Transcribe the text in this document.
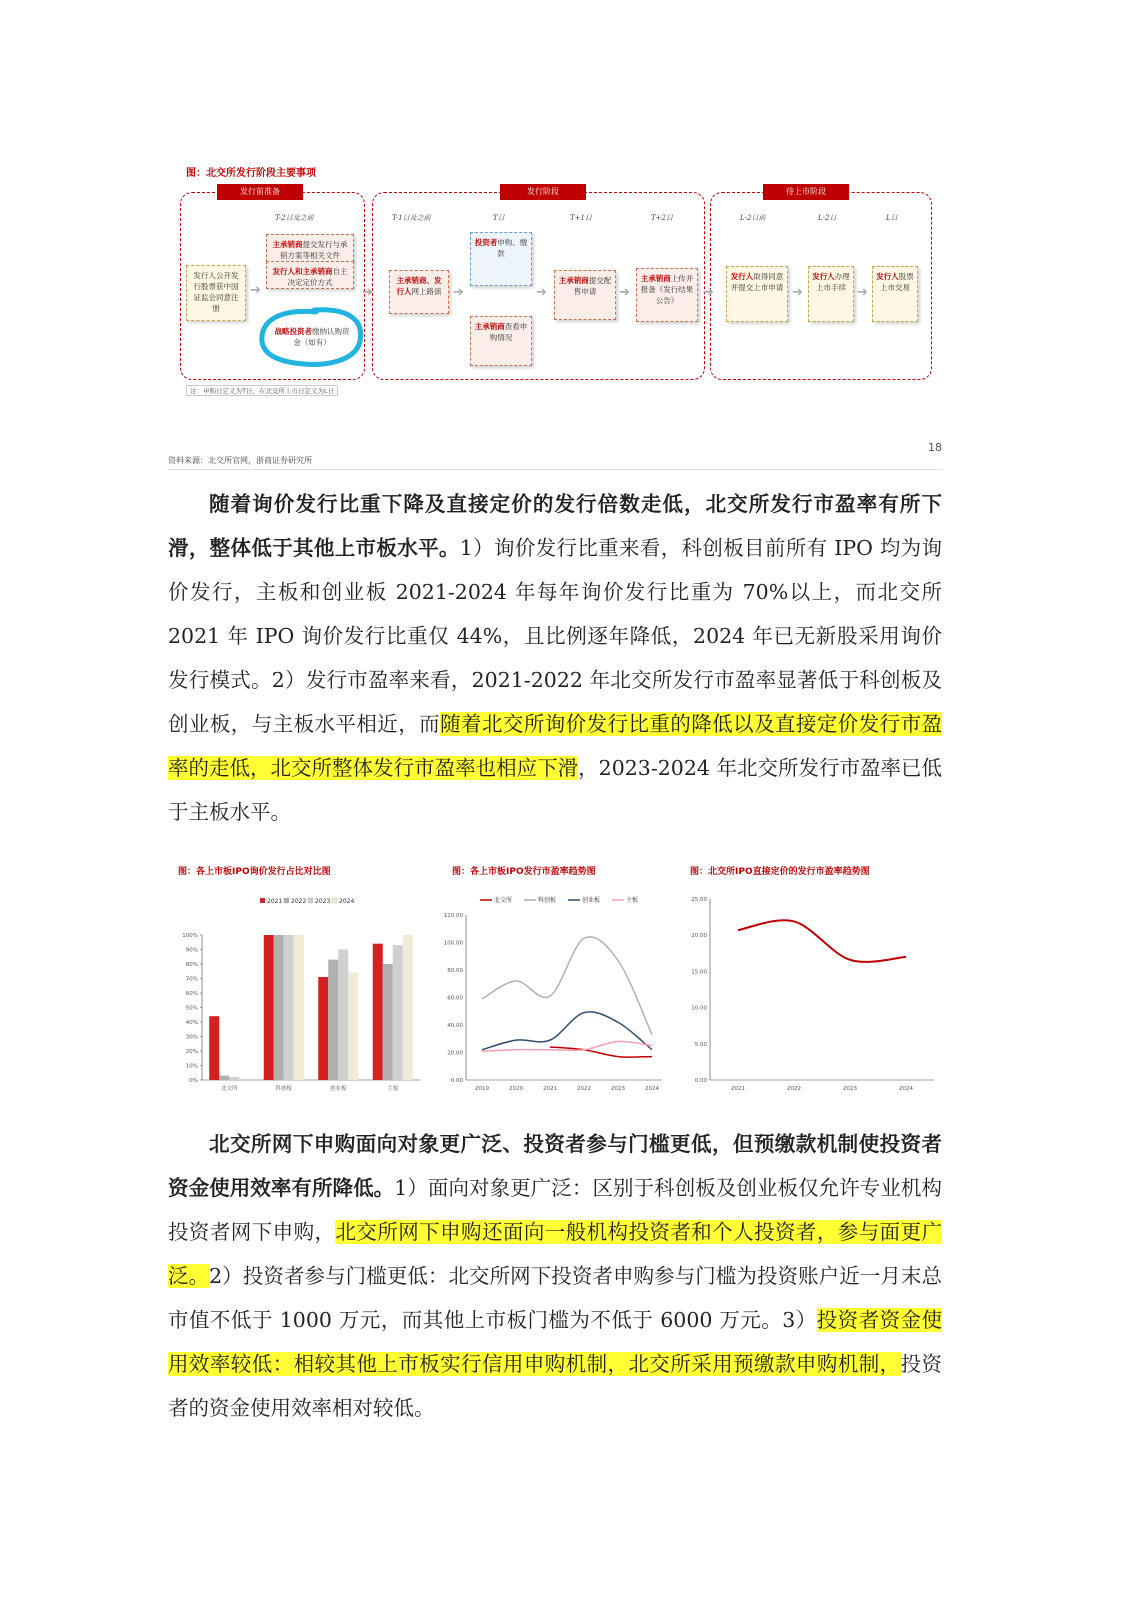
图：北交所发行阶段主要事项
发行前准备
T-2日及之前
发行人公开发行股票获中国证监会同意注册
➔
主承销商提交发行与承销方案等相关文件
发行人和主承销商自主决定定价方式
战略投资者缴纳认购资金（如有）
发行阶段
T-1日及之前	T日	T+1日	T+2日
➔
主承销商、发行人网上路演 ➔
投资者申购、缴款
主承销商查看申购情况
➔
主承销商提交配售申请	➔
主承销商上传并报备《发行结果公告》
待上市阶段
L-2日前	L-2日	L日
➔
发行人取得同意并提交上市申请 ➔
发行人办理上市手续 ➔
发行人股票上市交易
注：申购日定义为T日，在北交所上市日定义为L日
资料来源：北交所官网，浙商证券研究所
18
随着询价发行比重下降及直接定价的发行倍数走低，北交所发行市盈率有所下滑，整体低于其他上市板水平。1）询价发行比重来看，科创板目前所有 IPO 均为询价发行，主板和创业板 2021-2024 年每年询价发行比重为 70%以上，而北交所 2021 年 IPO 询价发行比重仅 44%，且比例逐年降低，2024 年已无新股采用询价发行模式。2）发行市盈率来看，2021-2022 年北交所发行市盈率显著低于科创板及创业板，与主板水平相近，而随着北交所询价发行比重的降低以及直接定价发行市盈率的走低，北交所整体发行市盈率也相应下滑，2023-2024 年北交所发行市盈率已低于主板水平。
图：各上市板IPO询价发行占比对比图	图：各上市板IPO发行市盈率趋势图	图：北交所IPO直接定价的发行市盈率趋势图
2021 2022 2023 2024
0%
10%
20%
30%
40%
50%
60%
70%
80%
90%
100%
北交所	科创板	创业板	主板
北交所	科创板	创业板	主板
0.00
20.00
40.00
60.00
80.00
100.00
120.00
2019	2020	2021	2022	2023	2024
0.00
5.00
10.00
15.00
20.00
25.00
2021	2022	2023	2024
北交所网下申购面向对象更广泛、投资者参与门槛更低，但预缴款机制使投资者资金使用效率有所降低。1）面向对象更广泛：区别于科创板及创业板仅允许专业机构投资者网下申购，北交所网下申购还面向一般机构投资者和个人投资者，参与面更广泛。2）投资者参与门槛更低：北交所网下投资者申购参与门槛为投资账户近一月末总市值不低于 1000 万元，而其他上市板门槛为不低于 6000 万元。3）投资者资金使用效率较低：相较其他上市板实行信用申购机制，北交所采用预缴款申购机制，投资者的资金使用效率相对较低。
